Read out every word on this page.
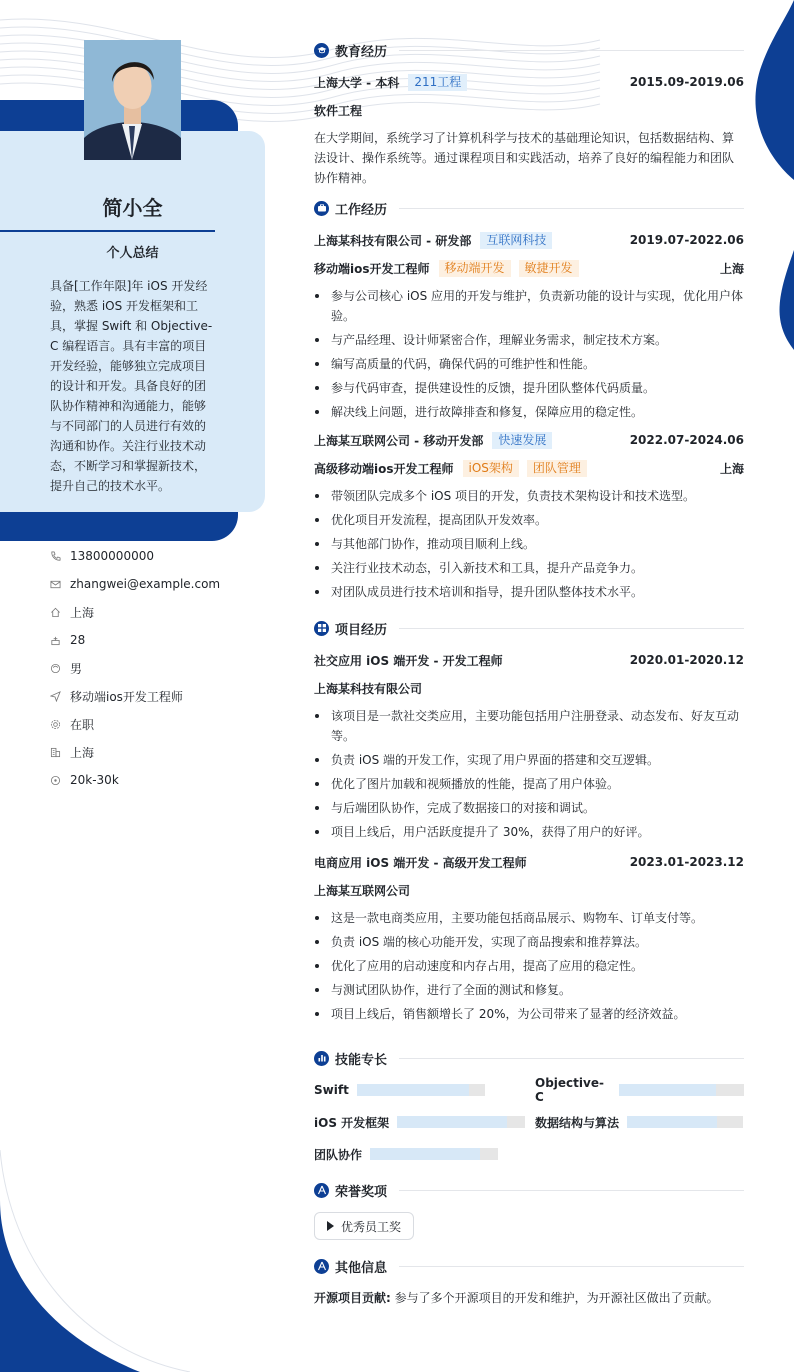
简小全
个人总结
具备[工作年限]年 iOS 开发经验，熟悉 iOS 开发框架和工具，掌握 Swift 和 Objective-C 编程语言。具有丰富的项目开发经验，能够独立完成项目的设计和开发。具备良好的团队协作精神和沟通能力，能够与不同部门的人员进行有效的沟通和协作。关注行业技术动态，不断学习和掌握新技术，提升自己的技术水平。
13800000000
zhangwei@example.com
上海
28
男
移动端ios开发工程师
在职
上海
20k-30k
教育经历
上海大学 - 本科	211工程	2015.09-2019.06
软件工程
在大学期间，系统学习了计算机科学与技术的基础理论知识，包括数据结构、算法设计、操作系统等。通过课程项目和实践活动，培养了良好的编程能力和团队协作精神。
工作经历
上海某科技有限公司 - 研发部	互联网科技	2019.07-2022.06
移动端ios开发工程师	移动端开发	敏捷开发	上海
参与公司核心 iOS 应用的开发与维护，负责新功能的设计与实现，优化用户体验。
与产品经理、设计师紧密合作，理解业务需求，制定技术方案。
编写高质量的代码，确保代码的可维护性和性能。
参与代码审查，提供建设性的反馈，提升团队整体代码质量。
解决线上问题，进行故障排查和修复，保障应用的稳定性。
上海某互联网公司 - 移动开发部	快速发展	2022.07-2024.06
高级移动端ios开发工程师	iOS架构	团队管理	上海
带领团队完成多个 iOS 项目的开发，负责技术架构设计和技术选型。
优化项目开发流程，提高团队开发效率。
与其他部门协作，推动项目顺利上线。
关注行业技术动态，引入新技术和工具，提升产品竞争力。
对团队成员进行技术培训和指导，提升团队整体技术水平。
项目经历
社交应用 iOS 端开发 - 开发工程师	2020.01-2020.12
上海某科技有限公司
该项目是一款社交类应用，主要功能包括用户注册登录、动态发布、好友互动等。
负责 iOS 端的开发工作，实现了用户界面的搭建和交互逻辑。
优化了图片加载和视频播放的性能，提高了用户体验。
与后端团队协作，完成了数据接口的对接和调试。
项目上线后，用户活跃度提升了 30%，获得了用户的好评。
电商应用 iOS 端开发 - 高级开发工程师	2023.01-2023.12
上海某互联网公司
这是一款电商类应用，主要功能包括商品展示、购物车、订单支付等。
负责 iOS 端的核心功能开发，实现了商品搜索和推荐算法。
优化了应用的启动速度和内存占用，提高了应用的稳定性。
与测试团队协作，进行了全面的测试和修复。
项目上线后，销售额增长了 20%，为公司带来了显著的经济效益。
技能专长
Swift	Objective-C
iOS 开发框架	数据结构与算法
团队协作
荣誉奖项
优秀员工奖
其他信息
开源项目贡献: 参与了多个开源项目的开发和维护，为开源社区做出了贡献。
